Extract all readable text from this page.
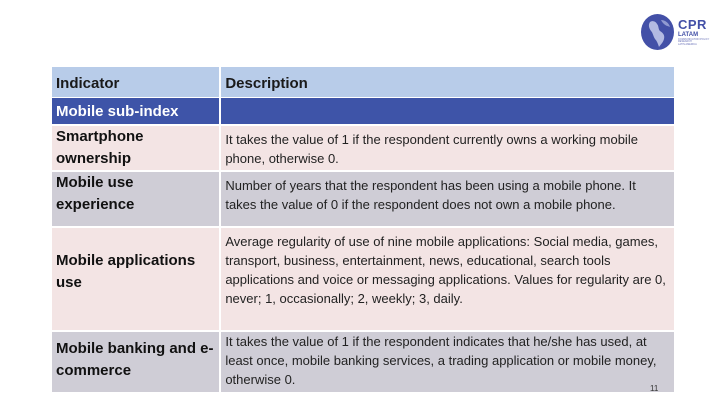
CPR
LATAM
COMMUNICATION POLICY RESEARCH
LATIN AMERICA
Indicator	Description
Mobile sub-index	
Smartphone ownership	It takes the value of 1 if the respondent currently owns a working mobile phone, otherwise 0.
Mobile use experience	Number of years that the respondent has been using a mobile phone. It takes the value of 0 if the respondent does not own a mobile phone.
Mobile applications use	Average regularity of use of nine mobile applications: Social media, games, transport, business, entertainment, news, educational, search tools applications and voice or messaging applications. Values for regularity are 0, never; 1, occasionally; 2, weekly; 3, daily.
Mobile banking and e-commerce	It takes the value of 1 if the respondent indicates that he/she has used, at least once, mobile banking services, a trading application or mobile money, otherwise 0.
11
